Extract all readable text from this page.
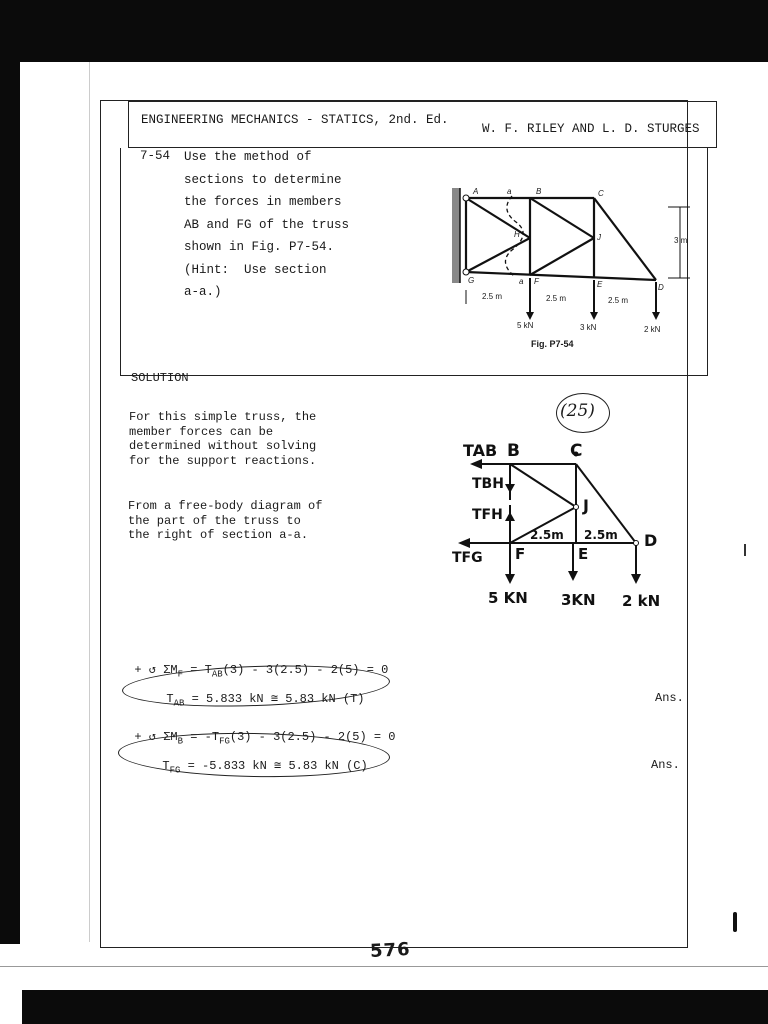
ENGINEERING MECHANICS - STATICS, 2nd. Ed.
W. F. RILEY AND L. D. STURGES
7-54 Use the method of
sections to determine
the forces in members
AB and FG of the truss
shown in Fig. P7-54.
(Hint:  Use section
a-a.)
A	a	B	C
H	J
G	a F	E	D
3 m
2.5 m	2.5 m	2.5 m
5 kN	3 kN	2 kN
Fig. P7-54
SOLUTION
For this simple truss, the
member forces can be
determined without solving
for the support reactions.
From a free-body diagram of
the part of the truss to
the right of section a-a.
(25)
TAB B	C
TBH
TFH	J
2.5m 2.5m D
TFG F	E
5 KN 3KN 2 kN

+ ↺ $\Sigma M_F = T_{AB}(3) - 3(2.5) - 2(5) = 0$

$T_{AB} = 5.833$ kN ≅ 5.83 kN (T)	Ans.

+ ↺ $\Sigma M_B = -T_{FG}(3) - 3(2.5) - 2(5) = 0$

$T_{FG} = -5.833$ kN ≅ 5.83 kN (C)	Ans.
576
